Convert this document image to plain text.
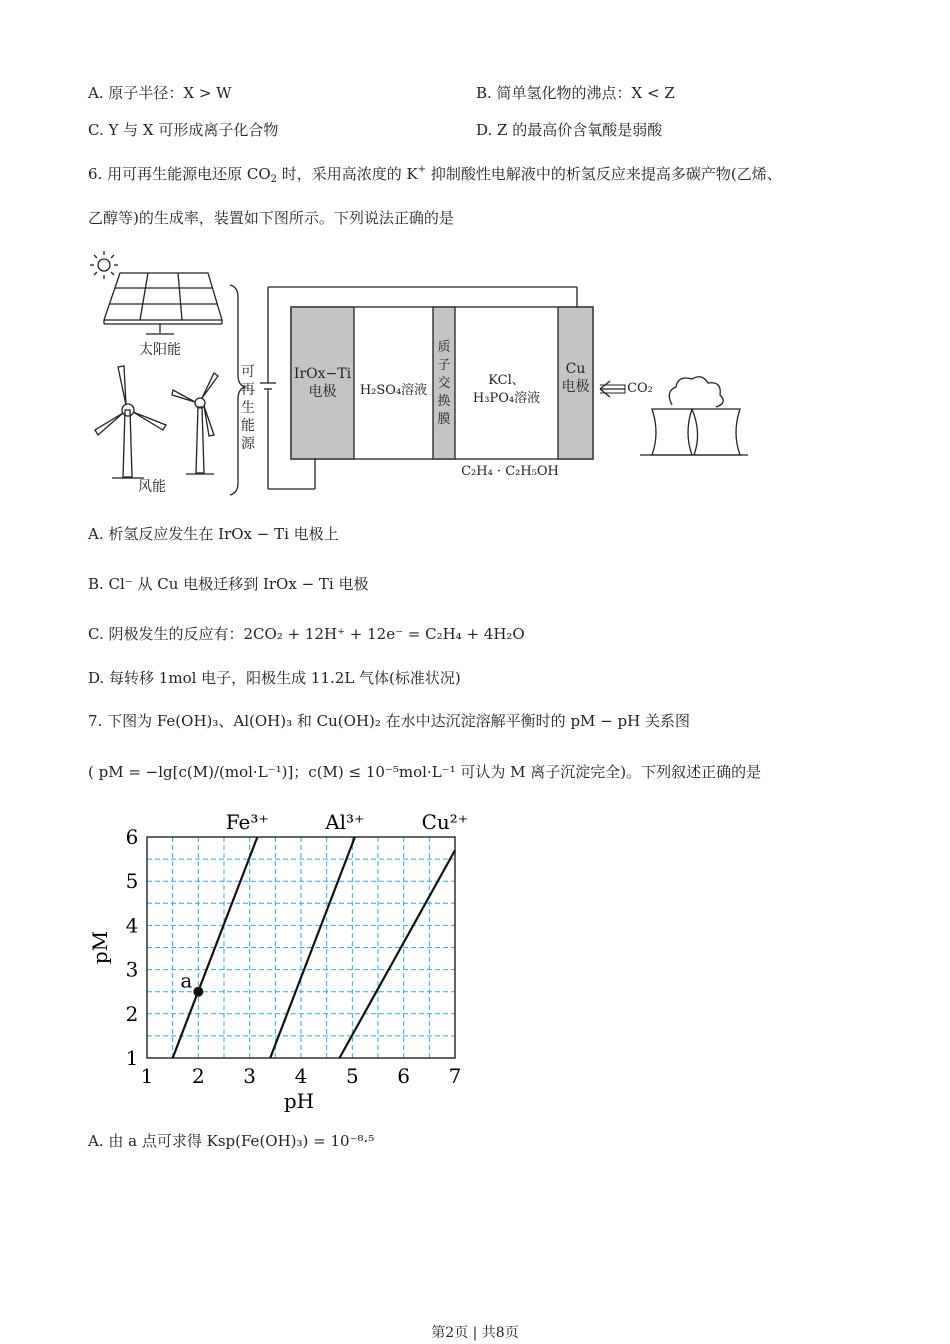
A. 原子半径：X > W	B. 简单氢化物的沸点：X < Z
C. Y 与 X 可形成离子化合物	D. Z 的最高价含氧酸是弱酸
6. 用可再生能源电还原 $CO_2$ 时，采用高浓度的 K+ 抑制酸性电解液中的析氢反应来提高多碳产物(乙烯、
乙醇等)的生成率，装置如下图所示。下列说法正确的是
太阳能
风能
可
再
生
能
源
IrOx−Ti
电极	H₂SO₄溶液
质
子
交
换
膜
KCl、
H₃PO₄溶液
Cu
电极	CO₂
C₂H₄ · C₂H₅OH
A. 析氢反应发生在 IrOx − Ti 电极上
B. Cl⁻ 从 Cu 电极迁移到 IrOx − Ti 电极
C. 阴极发生的反应有：2CO₂ + 12H⁺ + 12e⁻ = C₂H₄ + 4H₂O
D. 每转移 1mol 电子，阳极生成 11.2L 气体(标准状况)
7. 下图为 Fe(OH)₃、Al(OH)₃ 和 Cu(OH)₂ 在水中达沉淀溶解平衡时的 pM − pH 关系图
( pM = −lg[c(M)/(mol·L⁻¹)]；c(M) ≤ 10⁻⁵mol·L⁻¹ 可认为 M 离子沉淀完全)。下列叙述正确的是
1 2 3 4 5 6 7
1
2
3
4
5
6
pH
pM
Fe³⁺	Al³⁺	Cu²⁺
a
A. 由 a 点可求得 Ksp(Fe(OH)₃) = 10⁻⁸·⁵
第2页 | 共8页
